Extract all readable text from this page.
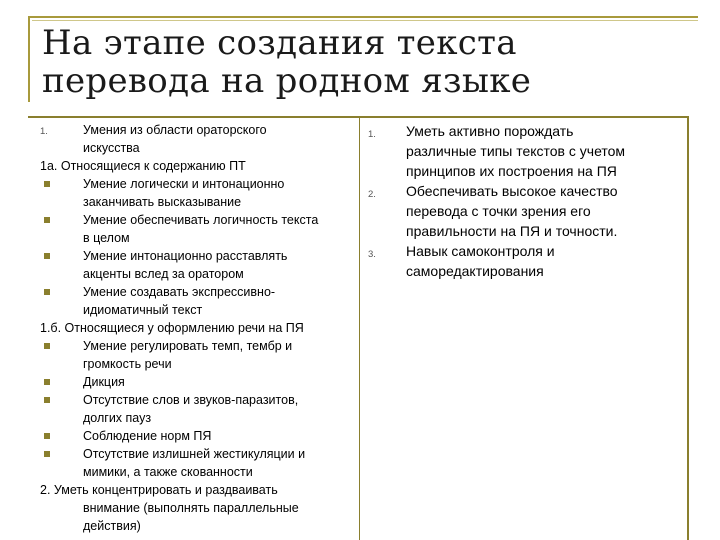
На этапе создания текста
перевода на родном языке
1.	Умения из области ораторского
искусства
1а. Относящиеся к содержанию ПТ
Умение логически и интонационно
заканчивать высказывание
Умение обеспечивать логичность текста
в целом
Умение интонационно расставлять
акценты вслед за оратором
Умение создавать экспрессивно-
идиоматичный текст
1.б. Относящиеся у оформлению речи на ПЯ
Умение регулировать темп, тембр и
громкость речи
Дикция
Отсутствие слов и звуков-паразитов,
долгих пауз
Соблюдение норм ПЯ
Отсутствие излишней жестикуляции и
мимики, а также скованности
2. Уметь концентрировать и раздваивать
внимание (выполнять параллельные
действия)
1. Уметь активно порождать
различные типы текстов с учетом
принципов их построения на ПЯ
2. Обеспечивать высокое качество
перевода с точки зрения его
правильности на ПЯ и точности.
3. Навык самоконтроля и
саморедактирования
